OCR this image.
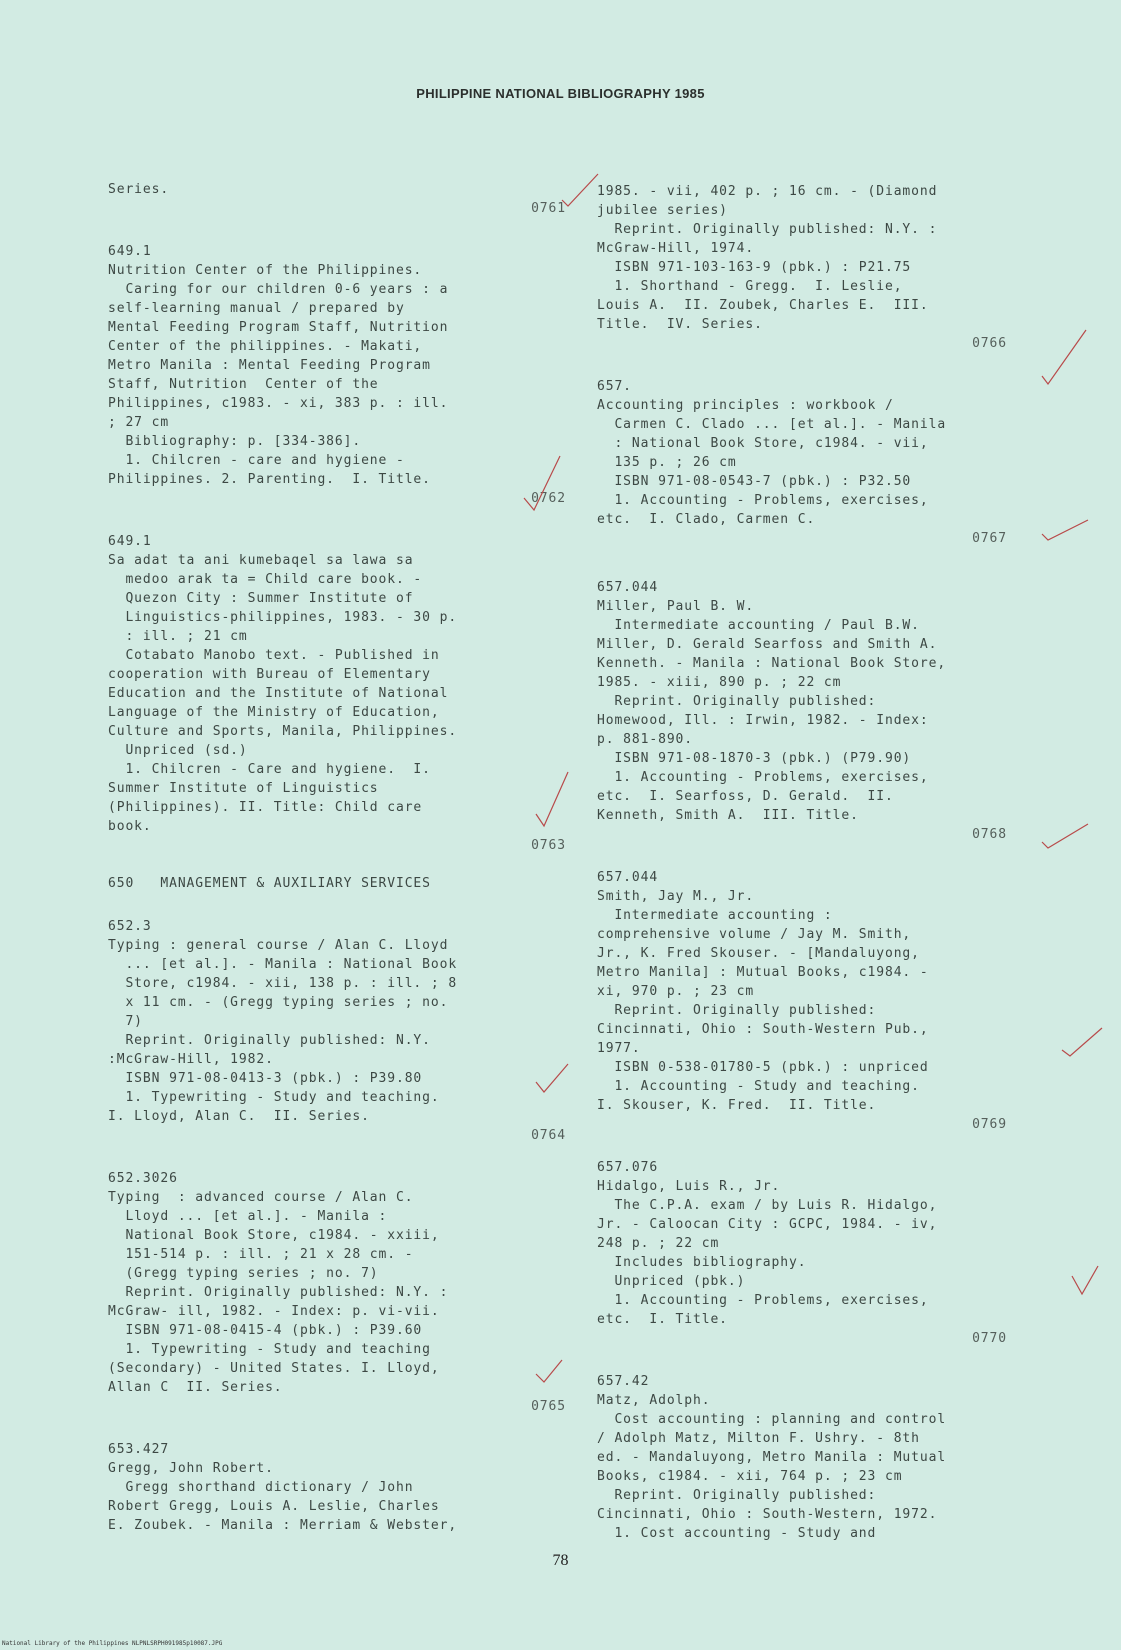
PHILIPPINE NATIONAL BIBLIOGRAPHY 1985
Series.
0761
649.1
Nutrition Center of the Philippines.
Caring for our children 0-6 years : a
self-learning manual / prepared by
Mental Feeding Program Staff, Nutrition
Center of the philippines. - Makati,
Metro Manila : Mental Feeding Program
Staff, Nutrition  Center of the
Philippines, c1983. - xi, 383 p. : ill.
; 27 cm
Bibliography: p. [334-386].
1. Chilcren - care and hygiene -
Philippines. 2. Parenting.  I. Title.
0762
649.1
Sa adat ta ani kumebaqel sa lawa sa
medoo arak ta = Child care book. -
Quezon City : Summer Institute of
Linguistics-philippines, 1983. - 30 p.
: ill. ; 21 cm
Cotabato Manobo text. - Published in
cooperation with Bureau of Elementary
Education and the Institute of National
Language of the Ministry of Education,
Culture and Sports, Manila, Philippines.
Unpriced (sd.)
1. Chilcren - Care and hygiene.  I.
Summer Institute of Linguistics
(Philippines). II. Title: Child care
book.
0763
650   MANAGEMENT & AUXILIARY SERVICES
652.3
Typing : general course / Alan C. Lloyd
... [et al.]. - Manila : National Book
Store, c1984. - xii, 138 p. : ill. ; 8
x 11 cm. - (Gregg typing series ; no.
7)
Reprint. Originally published: N.Y.
:McGraw-Hill, 1982.
ISBN 971-08-0413-3 (pbk.) : P39.80
1. Typewriting - Study and teaching.
I. Lloyd, Alan C.  II. Series.
0764
652.3026
Typing  : advanced course / Alan C.
Lloyd ... [et al.]. - Manila :
National Book Store, c1984. - xxiii,
151-514 p. : ill. ; 21 x 28 cm. -
(Gregg typing series ; no. 7)
Reprint. Originally published: N.Y. :
McGraw- ill, 1982. - Index: p. vi-vii.
ISBN 971-08-0415-4 (pbk.) : P39.60
1. Typewriting - Study and teaching
(Secondary) - United States. I. Lloyd,
Allan C  II. Series.
0765
653.427
Gregg, John Robert.
Gregg shorthand dictionary / John
Robert Gregg, Louis A. Leslie, Charles
E. Zoubek. - Manila : Merriam & Webster,
1985. - vii, 402 p. ; 16 cm. - (Diamond
jubilee series)
Reprint. Originally published: N.Y. :
McGraw-Hill, 1974.
ISBN 971-103-163-9 (pbk.) : P21.75
1. Shorthand - Gregg.  I. Leslie,
Louis A.  II. Zoubek, Charles E.  III.
Title.  IV. Series.
0766
657.
Accounting principles : workbook /
Carmen C. Clado ... [et al.]. - Manila
: National Book Store, c1984. - vii,
135 p. ; 26 cm
ISBN 971-08-0543-7 (pbk.) : P32.50
1. Accounting - Problems, exercises,
etc.  I. Clado, Carmen C.
0767
657.044
Miller, Paul B. W.
Intermediate accounting / Paul B.W.
Miller, D. Gerald Searfoss and Smith A.
Kenneth. - Manila : National Book Store,
1985. - xiii, 890 p. ; 22 cm
Reprint. Originally published:
Homewood, Ill. : Irwin, 1982. - Index:
p. 881-890.
ISBN 971-08-1870-3 (pbk.) (P79.90)
1. Accounting - Problems, exercises,
etc.  I. Searfoss, D. Gerald.  II.
Kenneth, Smith A.  III. Title.
0768
657.044
Smith, Jay M., Jr.
Intermediate accounting :
comprehensive volume / Jay M. Smith,
Jr., K. Fred Skouser. - [Mandaluyong,
Metro Manila] : Mutual Books, c1984. -
xi, 970 p. ; 23 cm
Reprint. Originally published:
Cincinnati, Ohio : South-Western Pub.,
1977.
ISBN 0-538-01780-5 (pbk.) : unpriced
1. Accounting - Study and teaching.
I. Skouser, K. Fred.  II. Title.
0769
657.076
Hidalgo, Luis R., Jr.
The C.P.A. exam / by Luis R. Hidalgo,
Jr. - Caloocan City : GCPC, 1984. - iv,
248 p. ; 22 cm
Includes bibliography.
Unpriced (pbk.)
1. Accounting - Problems, exercises,
etc.  I. Title.
0770
657.42
Matz, Adolph.
Cost accounting : planning and control
/ Adolph Matz, Milton F. Ushry. - 8th
ed. - Mandaluyong, Metro Manila : Mutual
Books, c1984. - xii, 764 p. ; 23 cm
Reprint. Originally published:
Cincinnati, Ohio : South-Western, 1972.
1. Cost accounting - Study and
78
National Library of the Philippines NLPNLSRPH091985p10087.JPG
